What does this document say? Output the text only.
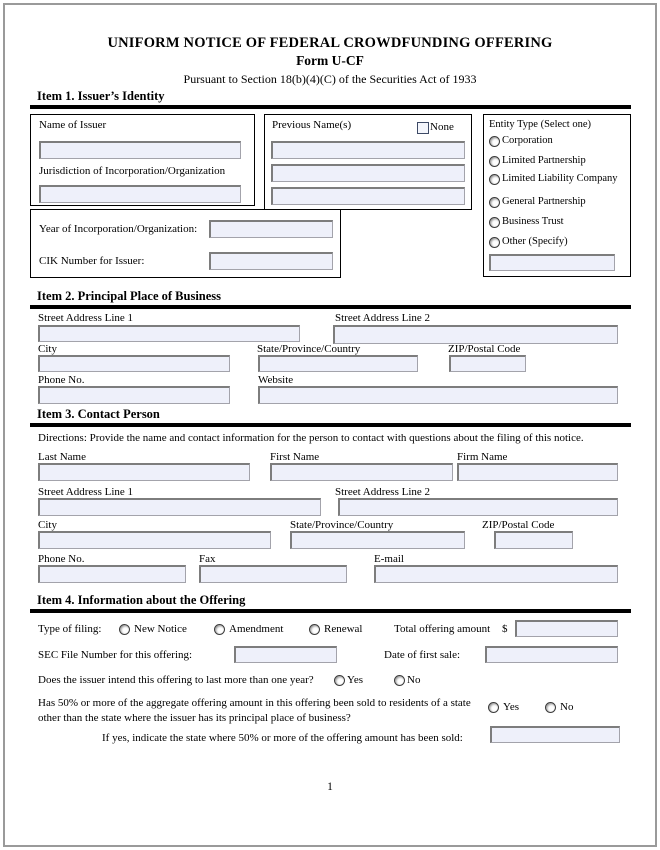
UNIFORM NOTICE OF FEDERAL CROWDFUNDING OFFERING
Form U-CF
Pursuant to Section 18(b)(4)(C) of the Securities Act of 1933
Item 1. Issuer’s Identity
Name of Issuer
Jurisdiction of Incorporation/Organization
Previous Name(s)	None	Entity Type (Select one)
Corporation
Limited Partnership
Limited Liability Company
General Partnership
Business Trust
Other (Specify)
Year of Incorporation/Organization:
CIK Number for Issuer:
Item 2. Principal Place of Business
Street Address Line 1	Street Address Line 2
City	State/Province/Country	ZIP/Postal Code
Phone No.	Website
Item 3. Contact Person
Directions: Provide the name and contact information for the person to contact with questions about the filing of this notice.
Last Name	First Name	Firm Name
Street Address Line 1	Street Address Line 2
City	State/Province/Country	ZIP/Postal Code
Phone No.	Fax	E-mail
Item 4. Information about the Offering
Type of filing:	New Notice	Amendment	Renewal	Total offering amount $
SEC File Number for this offering:	Date of first sale:
Does the issuer intend this offering to last more than one year?	Yes	No
Has 50% or more of the aggregate offering amount in this offering been sold to residents of a state other than the state where the issuer has its principal place of business?
Yes	No
If yes, indicate the state where 50% or more of the offering amount has been sold:
1
